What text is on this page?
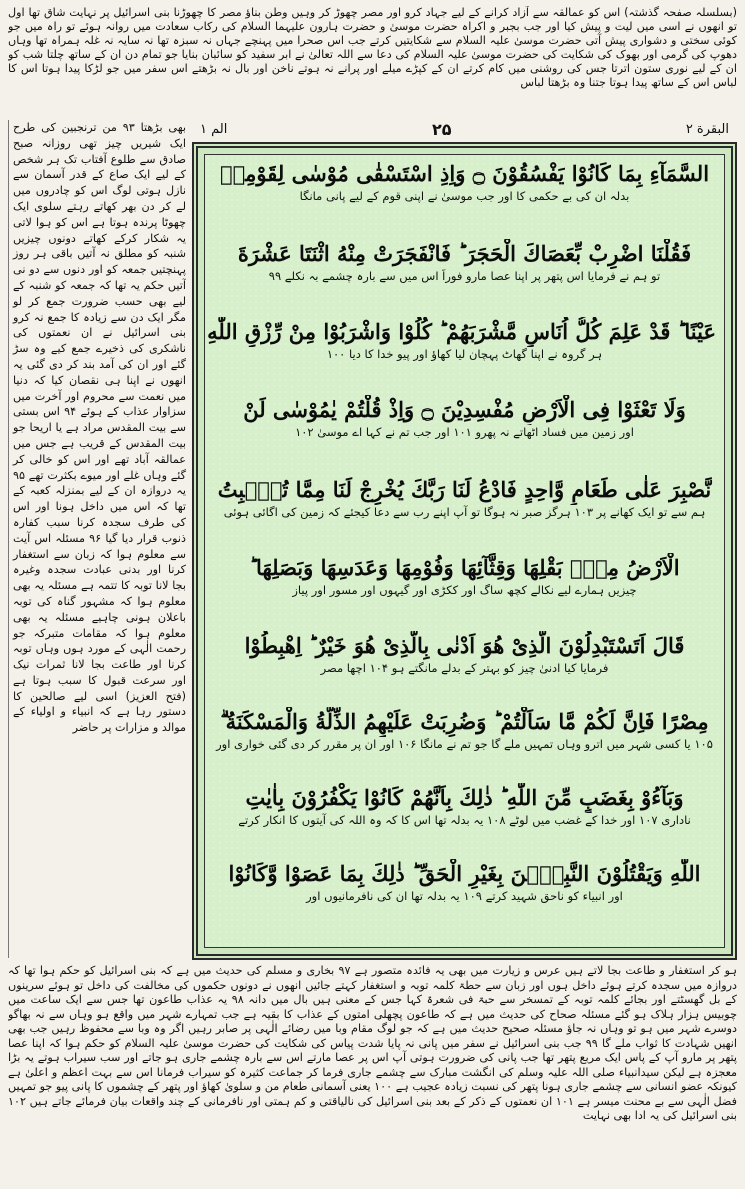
(بسلسلہ صفحہ گذشتہ) اس کو عمالقہ سے آزاد کرانے کے لیے جہاد کرو اور مصر چھوڑ کر وہیں وطن بناؤ مصر کا چھوڑنا بنی اسرائیل پر نہایت شاق تھا اول تو انھوں نے اسی میں لیت و پیش کیا اور جب بجبر و اکراہ حضرت موسیٰ و حضرت ہارون علیہما السلام کی رکاب سعادت میں روانہ ہوئے تو راہ میں جو کوئی سختی و دشواری پیش آتی حضرت موسیٰ علیہ السلام سے شکایتیں کرتے جب اس صحرا میں پہنچے جہاں نہ سبزہ تھا نہ سایہ نہ غلہ ہمراہ تھا وہاں دھوپ کی گرمی اور بھوک کی شکایت کی حضرت موسیٰ علیہ السلام کی دعا سے اللہ تعالیٰ نے ابر سفید کو سائبان بنایا جو تمام دن ان کے ساتھ چلتا شب کو ان کے لیے نوری ستون اترتا جس کی روشنی میں کام کرتے ان کے کپڑے میلے اور پرانے نہ ہوتے ناخن اور بال نہ بڑھتے اس سفر میں جو لڑکا پیدا ہوتا اس کا لباس اس کے ساتھ پیدا ہوتا جتنا وہ بڑھتا لباس

البقرة ٢
۲۵
الم ١

بھی بڑھتا ۹۳ من ترنجبین کی طرح ایک شیریں چیز تھی روزانہ صبح صادق سے طلوع آفتاب تک ہر شخص کے لیے ایک صاع کے قدر آسمان سے نازل ہوتی لوگ اس کو چادروں میں لے کر دن بھر کھاتے رہتے سلوی ایک چھوٹا پرندہ ہوتا ہے اس کو ہوا لاتی یہ شکار کرکے کھاتے دونوں چیزیں شنبہ کو مطلق نہ آتیں باقی ہر روز پہنچتیں جمعہ کو اور دنوں سے دو نی آتیں حکم یہ تھا کہ جمعہ کو شنبہ کے لیے بھی حسب ضرورت جمع کر لو مگر ایک دن سے زیادہ کا جمع نہ کرو بنی اسرائیل نے ان نعمتوں کی ناشکری کی ذخیرے جمع کیے وہ سڑ گئے اور ان کی آمد بند کر دی گئی یہ انھوں نے اپنا ہی نقصان کیا کہ دنیا میں نعمت سے محروم اور آخرت میں سزاوار عذاب کے ہوئے ۹۴ اس بستی سے بیت المقدس مراد ہے یا اریحا جو بیت المقدس کے قریب ہے جس میں عمالقہ آباد تھے اور اس کو خالی کر گئے وہاں غلے اور میوے بکثرت تھے ۹۵ یہ دروازہ ان کے لیے بمنزلہ کعبہ کے تھا کہ اس میں داخل ہونا اور اس کی طرف سجدہ کرنا سبب کفارہ ذنوب قرار دیا گیا ۹۶ مسئلہ اس آیت سے معلوم ہوا کہ زبان سے استغفار کرنا اور بدنی عبادت سجدہ وغیرہ بجا لانا توبہ کا تتمہ ہے مسئلہ یہ بھی معلوم ہوا کہ مشہور گناہ کی توبہ باعلان ہونی چاہیے مسئلہ یہ بھی معلوم ہوا کہ مقامات متبرکہ جو رحمت الٰہی کے مورد ہوں وہاں توبہ کرنا اور طاعت بجا لانا ثمرات نیک اور سرعت قبول کا سبب ہوتا ہے (فتح العزیز) اسی لیے صالحین کا دستور رہا ہے کہ انبیاء و اولیاء کے موالد و مزارات پر حاضر

السَّمَآءِ بِمَا كَانُوْا يَفْسُقُوْنَ ۝ وَاِذِ اسْتَسْقٰى مُوْسٰى لِقَوْمِهٖ
بدلہ ان کی بے حکمی کا اور جب موسیٰ نے اپنی قوم کے لیے پانی مانگا
فَقُلْنَا اضْرِبْ بِّعَصَاكَ الْحَجَرَ ؕ فَانْفَجَرَتْ مِنْهُ اثْنَتَا عَشْرَةَ
تو ہم نے فرمایا اس پتھر پر اپنا عصا مارو فوراً اس میں سے بارہ چشمے بہ نکلے ۹۹
عَيْنًا ؕ قَدْ عَلِمَ كُلُّ اُنَاسٍ مَّشْرَبَهُمْ ؕ كُلُوْا وَاشْرَبُوْا مِنْ رِّزْقِ اللّٰهِ
ہر گروہ نے اپنا گھاٹ پہچان لیا کھاؤ اور پیو خدا کا دیا ۱۰۰
وَلَا تَعْثَوْا فِى الْاَرْضِ مُفْسِدِيْنَ ۝ وَاِذْ قُلْتُمْ يٰمُوْسٰى لَنْ
اور زمین میں فساد اٹھاتے نہ پھرو ۱۰۱ اور جب تم نے کہا اے موسیٰ ۱۰۲
نَّصْبِرَ عَلٰى طَعَامٍ وَّاحِدٍ فَادْعُ لَنَا رَبَّكَ يُخْرِجْ لَنَا مِمَّا تُنْۢبِتُ
ہم سے تو ایک کھانے پر ۱۰۳ ہرگز صبر نہ ہوگا تو آپ اپنے رب سے دعا کیجئے کہ زمین کی اگائی ہوئی
الْاَرْضُ مِنْۢ بَقْلِهَا وَقِثَّآئِهَا وَفُوْمِهَا وَعَدَسِهَا وَبَصَلِهَا ؕ
چیزیں ہمارے لیے نکالے کچھ ساگ اور ککڑی اور گیہوں اور مسور اور پیاز
قَالَ اَتَسْتَبْدِلُوْنَ الَّذِىْ هُوَ اَدْنٰى بِالَّذِىْ هُوَ خَيْرٌ ؕ اِهْبِطُوْا
فرمایا کیا ادنیٰ چیز کو بہتر کے بدلے مانگتے ہو ۱۰۴ اچھا مصر
مِصْرًا فَاِنَّ لَكُمْ مَّا سَاَلْتُمْ ؕ وَضُرِبَتْ عَلَيْهِمُ الذِّلَّةُ وَالْمَسْكَنَةُ ۗ
۱۰۵ یا کسی شہر میں اترو وہاں تمہیں ملے گا جو تم نے مانگا ۱۰۶ اور ان پر مقرر کر دی گئی خواری اور
وَبَآءُوْ بِغَضَبٍ مِّنَ اللّٰهِ ؕ ذٰلِكَ بِاَنَّهُمْ كَانُوْا يَكْفُرُوْنَ بِاٰيٰتِ
ناداری ۱۰۷ اور خدا کے غضب میں لوٹے ۱۰۸ یہ بدلہ تھا اس کا کہ وہ اللہ کی آیتوں کا انکار کرتے
اللّٰهِ وَيَقْتُلُوْنَ النَّبِيّٖنَ بِغَيْرِ الْحَقِّ ؕ ذٰلِكَ بِمَا عَصَوْا وَّكَانُوْا
اور انبیاء کو ناحق شہید کرتے ۱۰۹ یہ بدلہ تھا ان کی نافرمانیوں اور

ہو کر استغفار و طاعت بجا لاتے ہیں عرس و زیارت میں بھی یہ فائدہ متصور ہے ۹۷ بخاری و مسلم کی حدیث میں ہے کہ بنی اسرائیل کو حکم ہوا تھا کہ دروازہ میں سجدہ کرتے ہوئے داخل ہوں اور زبان سے حطۃ کلمہ توبہ و استغفار کہتے جائیں انھوں نے دونوں حکموں کی مخالفت کی داخل تو ہوئے سرینوں کے بل گھسٹتے اور بجائے کلمہ توبہ کے تمسخر سے حبۃ فی شعرۃ کہا جس کے معنی ہیں بال میں دانہ ۹۸ یہ عذاب طاعون تھا جس سے ایک ساعت میں چوبیس ہزار ہلاک ہو گئے مسئلہ صحاح کی حدیث میں ہے کہ طاعون پچھلی امتوں کے عذاب کا بقیہ ہے جب تمہارے شہر میں واقع ہو وہاں سے نہ بھاگو دوسرے شہر میں ہو تو وہاں نہ جاؤ مسئلہ صحیح حدیث میں ہے کہ جو لوگ مقام وبا میں رضائے الٰہی پر صابر رہیں اگر وہ وبا سے محفوظ رہیں جب بھی انھیں شہادت کا ثواب ملے گا ۹۹ جب بنی اسرائیل نے سفر میں پانی نہ پایا شدت پیاس کی شکایت کی حضرت موسیٰ علیہ السلام کو حکم ہوا کہ اپنا عصا پتھر پر مارو آپ کے پاس ایک مربع پتھر تھا جب پانی کی ضرورت ہوتی آپ اس پر عصا مارتے اس سے بارہ چشمے جاری ہو جاتے اور سب سیراب ہوتے یہ بڑا معجزہ ہے لیکن سیدانبیاء صلی اللہ علیہ وسلم کی انگشت مبارک سے چشمے جاری فرما کر جماعت کثیرہ کو سیراب فرمانا اس سے بہت اعظم و اعلیٰ ہے کیونکہ عضو انسانی سے چشمے جاری ہونا پتھر کی نسبت زیادہ عجیب ہے ۱۰۰ یعنی آسمانی طعام من و سلویٰ کھاؤ اور پتھر کے چشموں کا پانی پیو جو تمہیں فضل الٰہی سے بے محنت میسر ہے ۱۰۱ ان نعمتوں کے ذکر کے بعد بنی اسرائیل کی نالیاقتی و کم ہمتی اور نافرمانی کے چند واقعات بیان فرمائے جاتے ہیں ۱۰۲ بنی اسرائیل کی یہ ادا بھی نہایت
